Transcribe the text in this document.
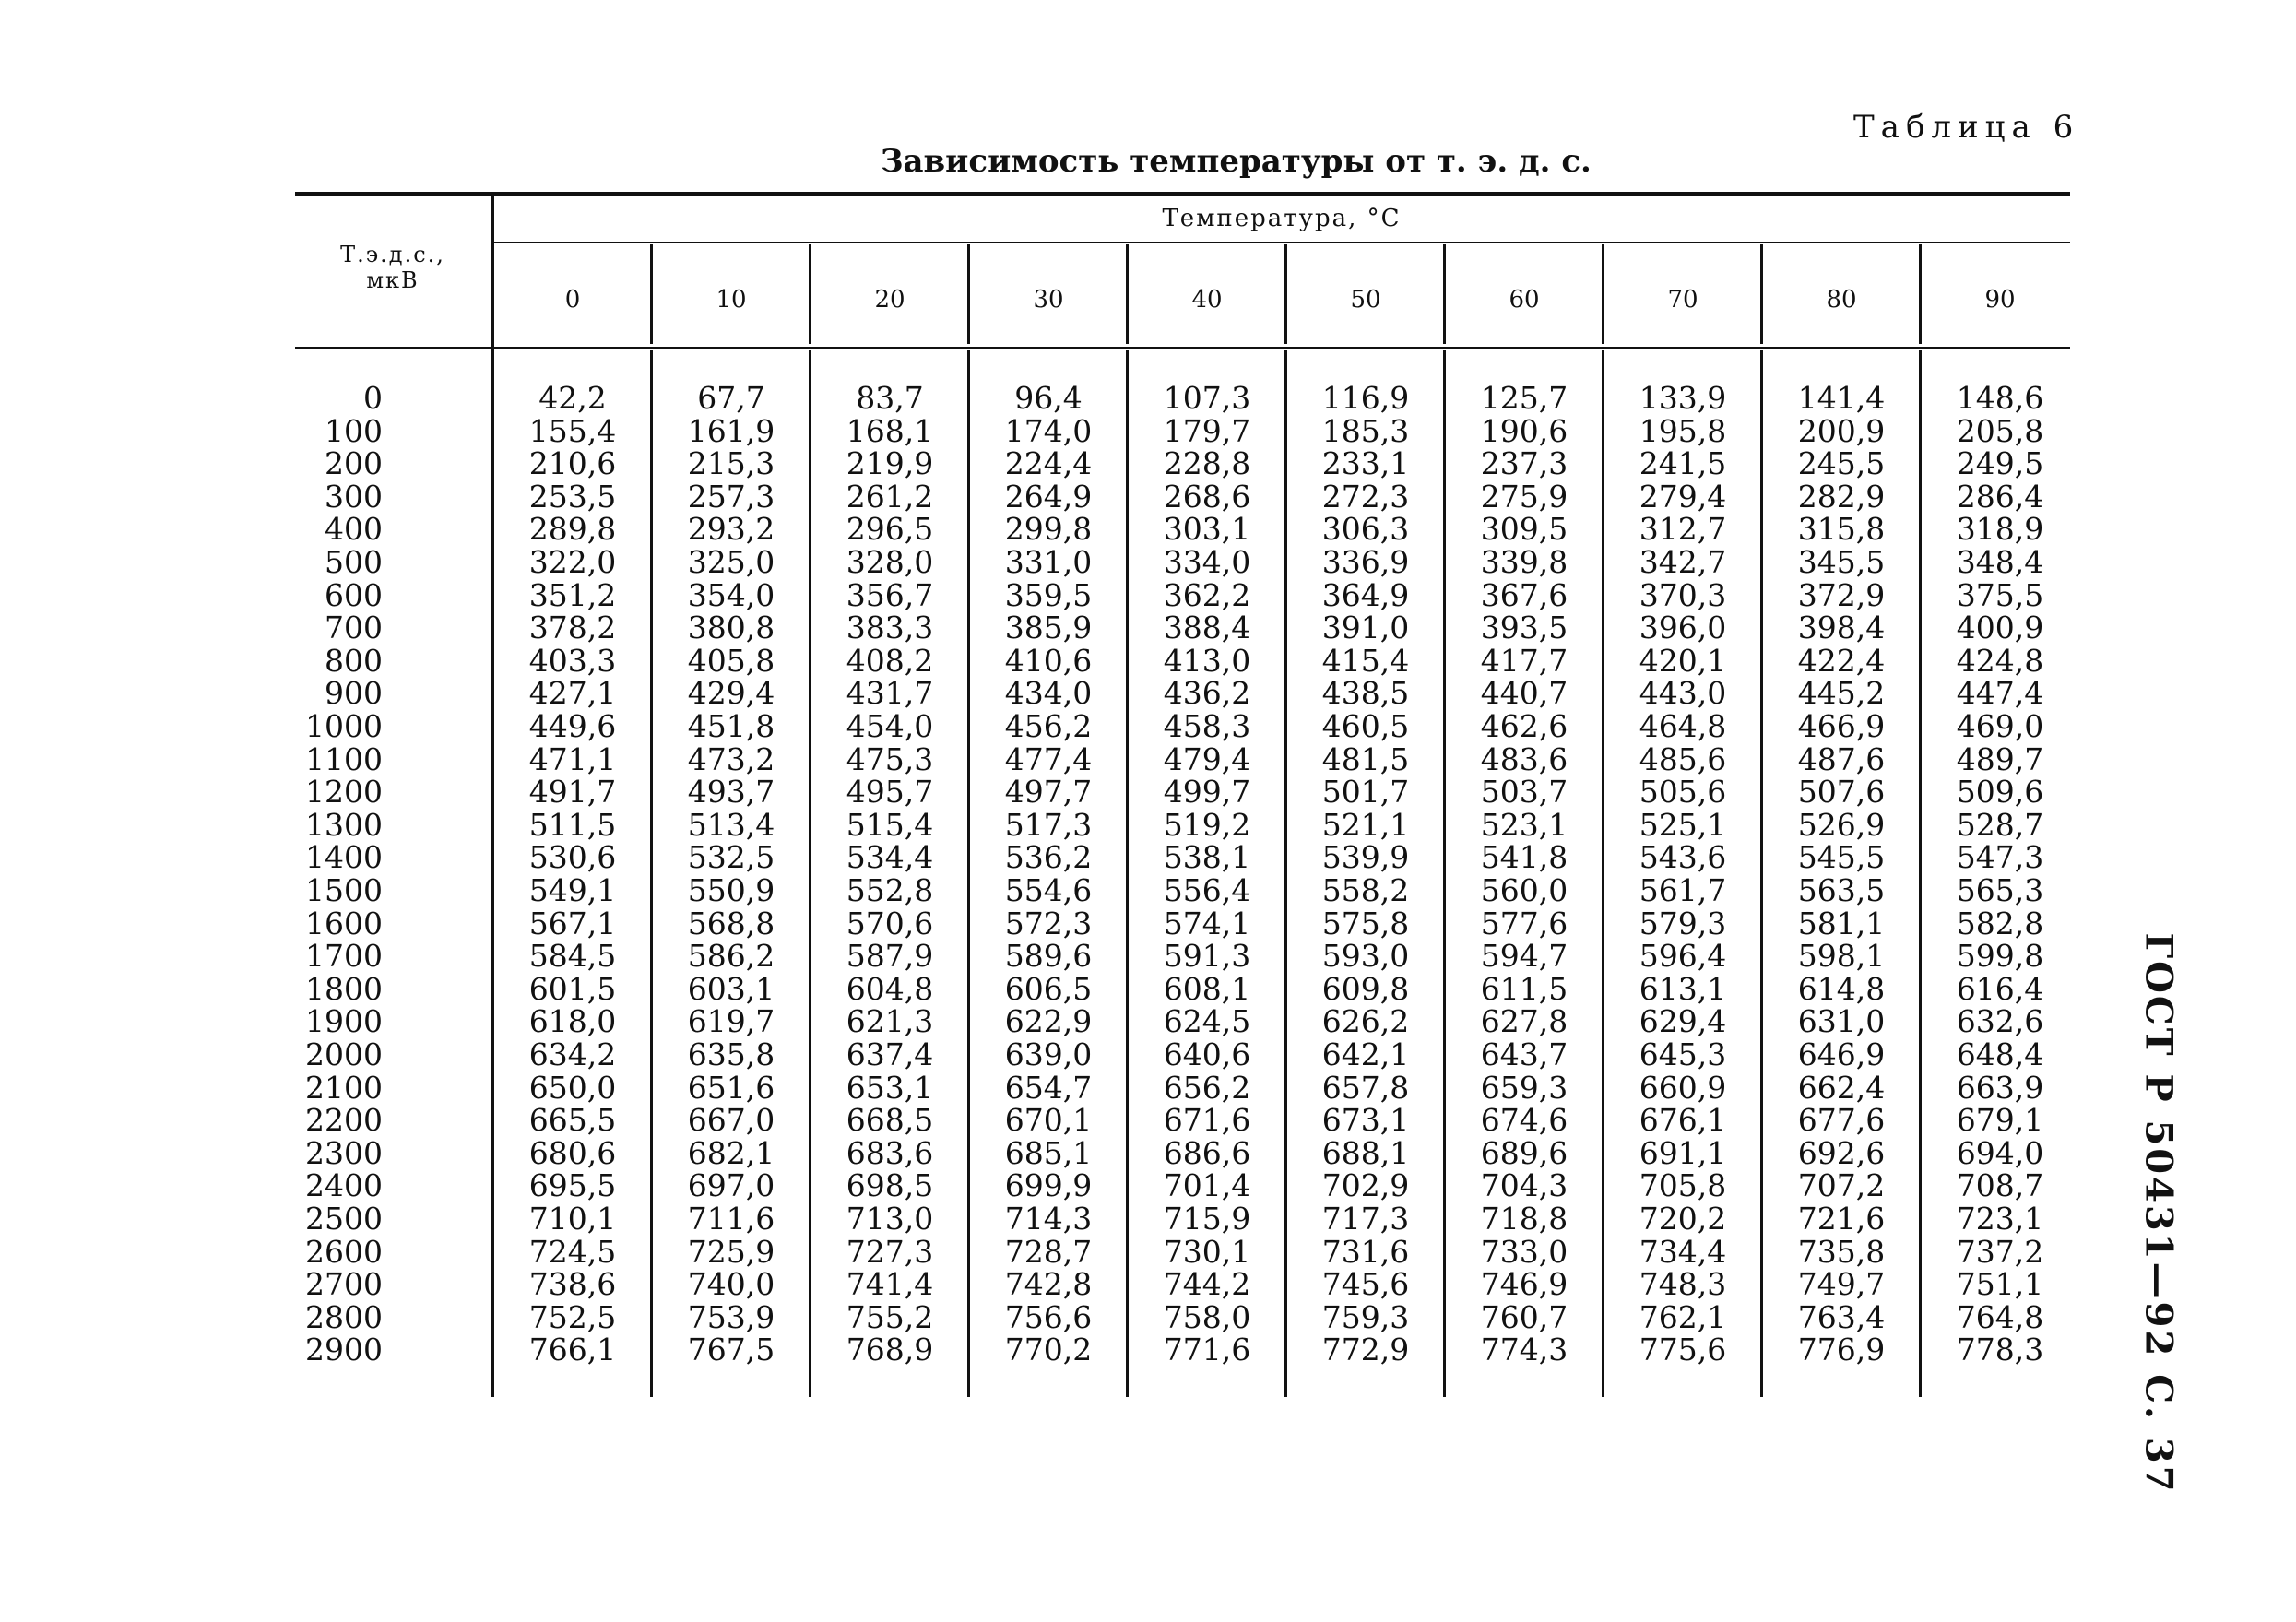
Таблица 6
Зависимость температуры от т. э. д. с.
Температура, °С
Т.э.д.с.,
мкВ
0	10	20	30	40	50	60	70	80	90
0	42,2	67,7	83,7	96,4	107,3	116,9	125,7	133,9	141,4	148,6
100	155,4	161,9	168,1	174,0	179,7	185,3	190,6	195,8	200,9	205,8
200	210,6	215,3	219,9	224,4	228,8	233,1	237,3	241,5	245,5	249,5
300	253,5	257,3	261,2	264,9	268,6	272,3	275,9	279,4	282,9	286,4
400	289,8	293,2	296,5	299,8	303,1	306,3	309,5	312,7	315,8	318,9
500	322,0	325,0	328,0	331,0	334,0	336,9	339,8	342,7	345,5	348,4
600	351,2	354,0	356,7	359,5	362,2	364,9	367,6	370,3	372,9	375,5
700	378,2	380,8	383,3	385,9	388,4	391,0	393,5	396,0	398,4	400,9
800	403,3	405,8	408,2	410,6	413,0	415,4	417,7	420,1	422,4	424,8
900	427,1	429,4	431,7	434,0	436,2	438,5	440,7	443,0	445,2	447,4
1000	449,6	451,8	454,0	456,2	458,3	460,5	462,6	464,8	466,9	469,0
1100	471,1	473,2	475,3	477,4	479,4	481,5	483,6	485,6	487,6	489,7
1200	491,7	493,7	495,7	497,7	499,7	501,7	503,7	505,6	507,6	509,6
1300	511,5	513,4	515,4	517,3	519,2	521,1	523,1	525,1	526,9	528,7
1400	530,6	532,5	534,4	536,2	538,1	539,9	541,8	543,6	545,5	547,3
1500	549,1	550,9	552,8	554,6	556,4	558,2	560,0	561,7	563,5	565,3
1600	567,1	568,8	570,6	572,3	574,1	575,8	577,6	579,3	581,1	582,8
1700	584,5	586,2	587,9	589,6	591,3	593,0	594,7	596,4	598,1	599,8
1800	601,5	603,1	604,8	606,5	608,1	609,8	611,5	613,1	614,8	616,4
1900	618,0	619,7	621,3	622,9	624,5	626,2	627,8	629,4	631,0	632,6
2000	634,2	635,8	637,4	639,0	640,6	642,1	643,7	645,3	646,9	648,4
2100	650,0	651,6	653,1	654,7	656,2	657,8	659,3	660,9	662,4	663,9
2200	665,5	667,0	668,5	670,1	671,6	673,1	674,6	676,1	677,6	679,1
2300	680,6	682,1	683,6	685,1	686,6	688,1	689,6	691,1	692,6	694,0
2400	695,5	697,0	698,5	699,9	701,4	702,9	704,3	705,8	707,2	708,7
2500	710,1	711,6	713,0	714,3	715,9	717,3	718,8	720,2	721,6	723,1
2600	724,5	725,9	727,3	728,7	730,1	731,6	733,0	734,4	735,8	737,2
2700	738,6	740,0	741,4	742,8	744,2	745,6	746,9	748,3	749,7	751,1
2800	752,5	753,9	755,2	756,6	758,0	759,3	760,7	762,1	763,4	764,8
2900	766,1	767,5	768,9	770,2	771,6	772,9	774,3	775,6	776,9	778,3	ГОСТ Р 50431—92 С. 37
